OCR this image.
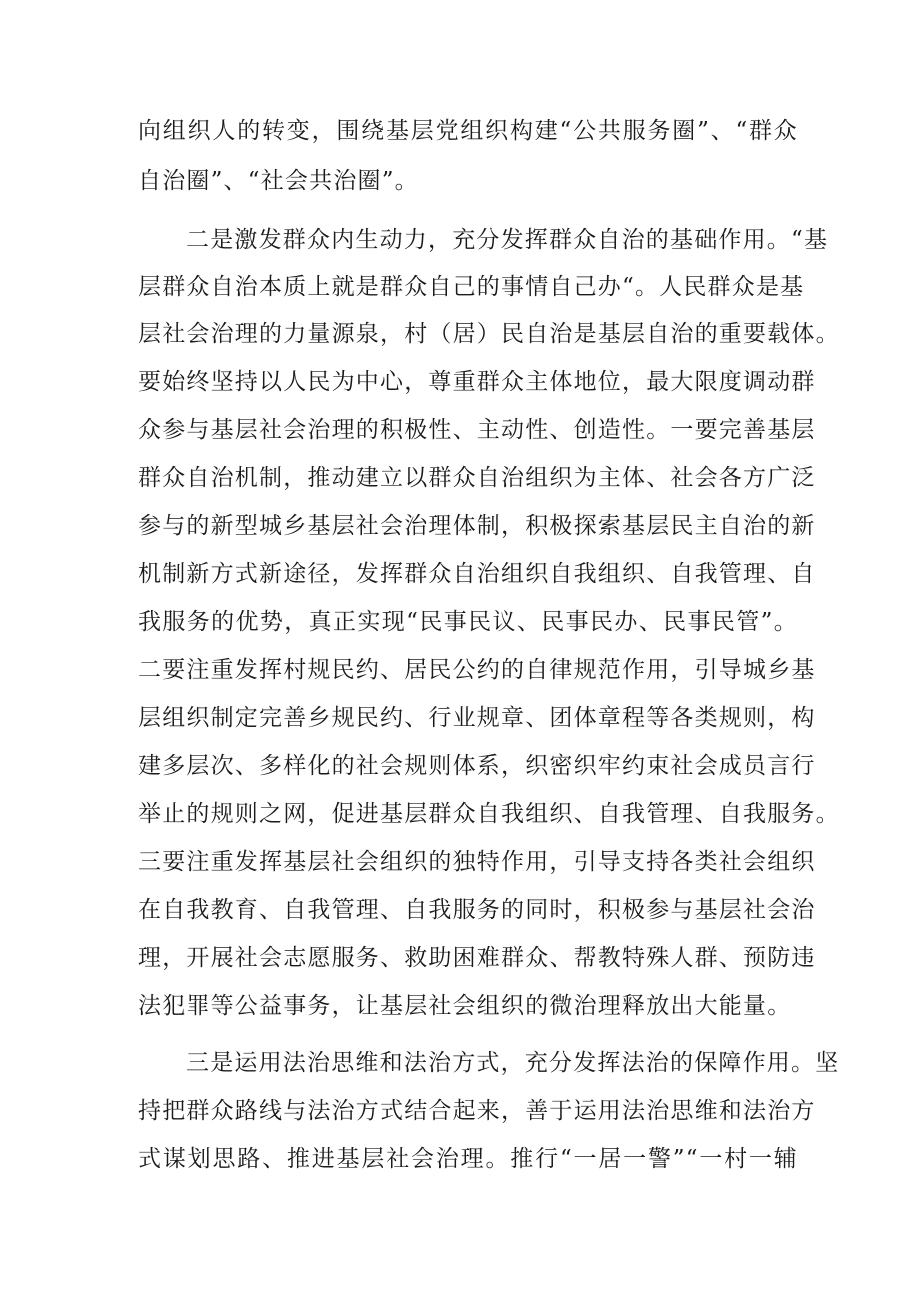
向组织人的转变，围绕基层党组织构建“公共服务圈”、“群众
自治圈”、“社会共治圈”。
二是激发群众内生动力，充分发挥群众自治的基础作用。“基
层群众自治本质上就是群众自己的事情自己办“。人民群众是基
层社会治理的力量源泉，村（居）民自治是基层自治的重要载体。
要始终坚持以人民为中心，尊重群众主体地位，最大限度调动群
众参与基层社会治理的积极性、主动性、创造性。一要完善基层
群众自治机制，推动建立以群众自治组织为主体、社会各方广泛
参与的新型城乡基层社会治理体制，积极探索基层民主自治的新
机制新方式新途径，发挥群众自治组织自我组织、自我管理、自
我服务的优势，真正实现“民事民议、民事民办、民事民管”。
二要注重发挥村规民约、居民公约的自律规范作用，引导城乡基
层组织制定完善乡规民约、行业规章、团体章程等各类规则，构
建多层次、多样化的社会规则体系，织密织牢约束社会成员言行
举止的规则之网，促进基层群众自我组织、自我管理、自我服务。
三要注重发挥基层社会组织的独特作用，引导支持各类社会组织
在自我教育、自我管理、自我服务的同时，积极参与基层社会治
理，开展社会志愿服务、救助困难群众、帮教特殊人群、预防违
法犯罪等公益事务，让基层社会组织的微治理释放出大能量。
三是运用法治思维和法治方式，充分发挥法治的保障作用。坚
持把群众路线与法治方式结合起来，善于运用法治思维和法治方
式谋划思路、推进基层社会治理。推行“一居一警”“一村一辅
